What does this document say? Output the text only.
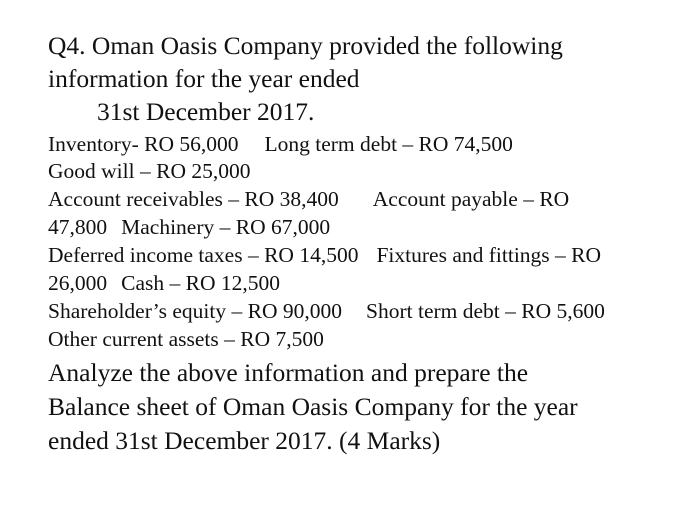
Q4. Oman Oasis Company provided the following
information for the year ended
31st December 2017.
Inventory- RO 56,000 Long term debt – RO 74,500
Good will – RO 25,000
Account receivables – RO 38,400 Account payable – RO
47,800 Machinery – RO 67,000
Deferred income taxes – RO 14,500 Fixtures and fittings – RO
26,000 Cash – RO 12,500
Shareholder’s equity – RO 90,000 Short term debt – RO 5,600
Other current assets – RO 7,500
Analyze the above information and prepare the
Balance sheet of Oman Oasis Company for the year
ended 31st December 2017. (4 Marks)
